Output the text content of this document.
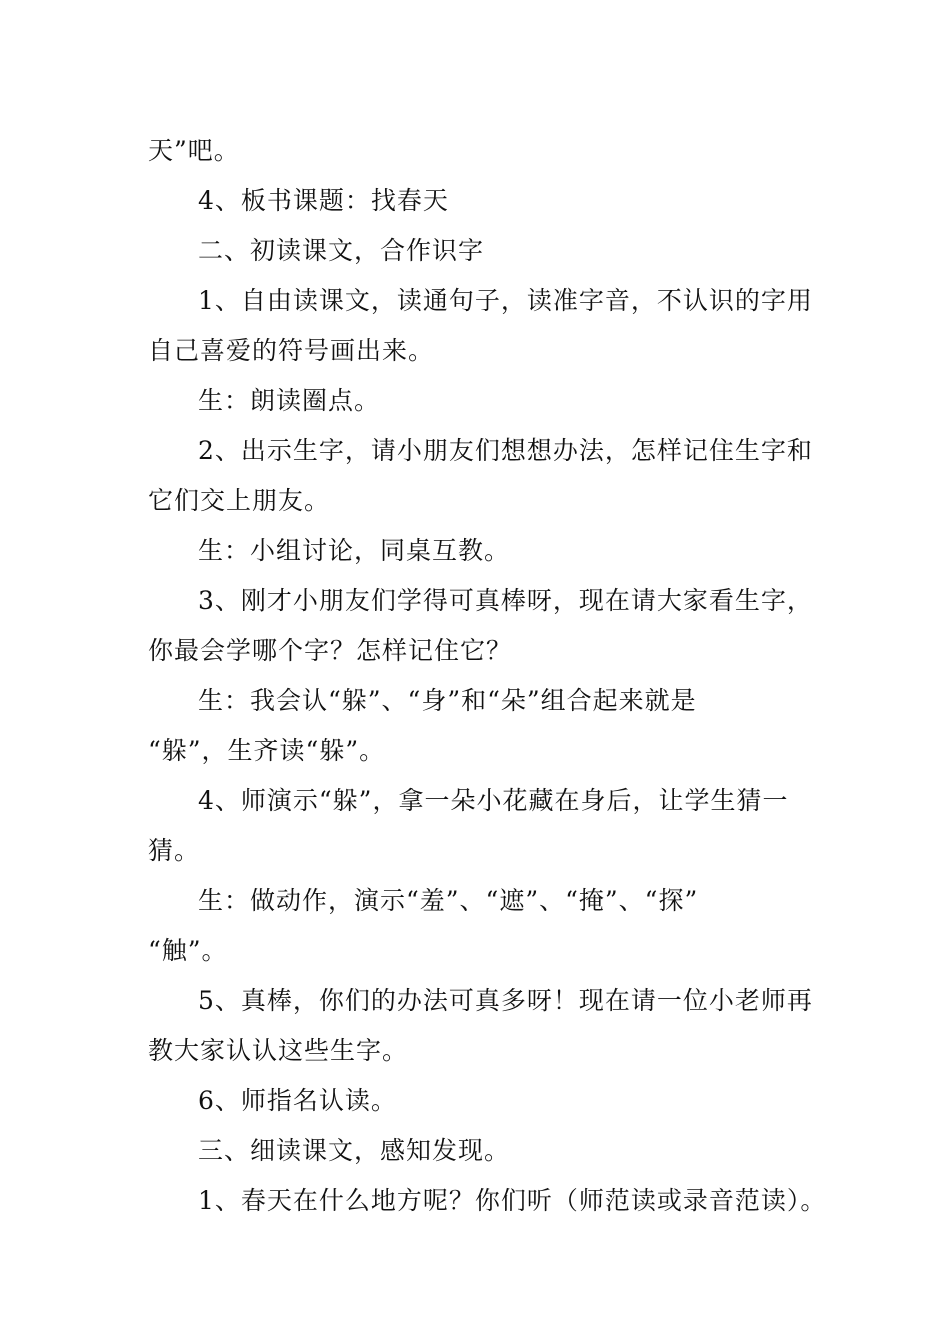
天”吧。

4、板书课题：找春天

二、初读课文，合作识字

1、自由读课文，读通句子，读准字音，不认识的字用

自己喜爱的符号画出来。

生：朗读圈点。

2、出示生字，请小朋友们想想办法，怎样记住生字和

它们交上朋友。

生：小组讨论，同桌互教。

3、刚才小朋友们学得可真棒呀，现在请大家看生字，

你最会学哪个字？怎样记住它？

生：我会认“躲”、“身”和“朵”组合起来就是

“躲”，生齐读“躲”。

4、师演示“躲”，拿一朵小花藏在身后，让学生猜一

猜。

生：做动作，演示“羞”、“遮”、“掩”、“探”

“触”。

5、真棒，你们的办法可真多呀！现在请一位小老师再

教大家认认这些生字。

6、师指名认读。

三、细读课文，感知发现。

1、春天在什么地方呢？你们听（师范读或录音范读）。
